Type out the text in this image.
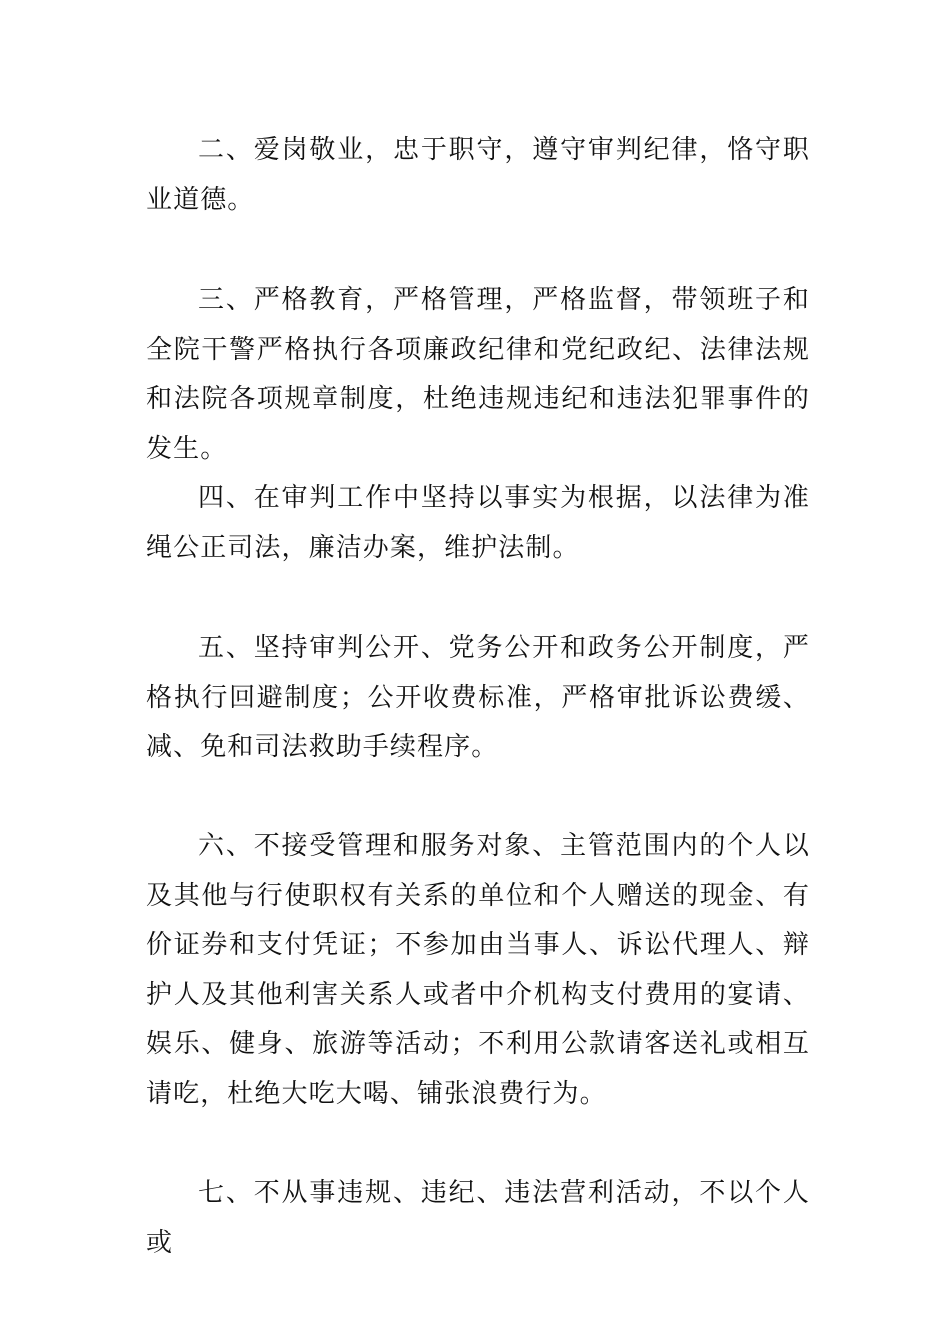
二、爱岗敬业，忠于职守，遵守审判纪律，恪守职业道德。

三、严格教育，严格管理，严格监督，带领班子和全院干警严格执行各项廉政纪律和党纪政纪、法律法规和法院各项规章制度，杜绝违规违纪和违法犯罪事件的发生。

四、在审判工作中坚持以事实为根据，以法律为准绳公正司法，廉洁办案，维护法制。

五、坚持审判公开、党务公开和政务公开制度，严格执行回避制度；公开收费标准，严格审批诉讼费缓、减、免和司法救助手续程序。

六、不接受管理和服务对象、主管范围内的个人以及其他与行使职权有关系的单位和个人赠送的现金、有价证券和支付凭证；不参加由当事人、诉讼代理人、辩护人及其他利害关系人或者中介机构支付费用的宴请、娱乐、健身、旅游等活动；不利用公款请客送礼或相互请吃，杜绝大吃大喝、铺张浪费行为。

七、不从事违规、违纪、违法营利活动，不以个人或
